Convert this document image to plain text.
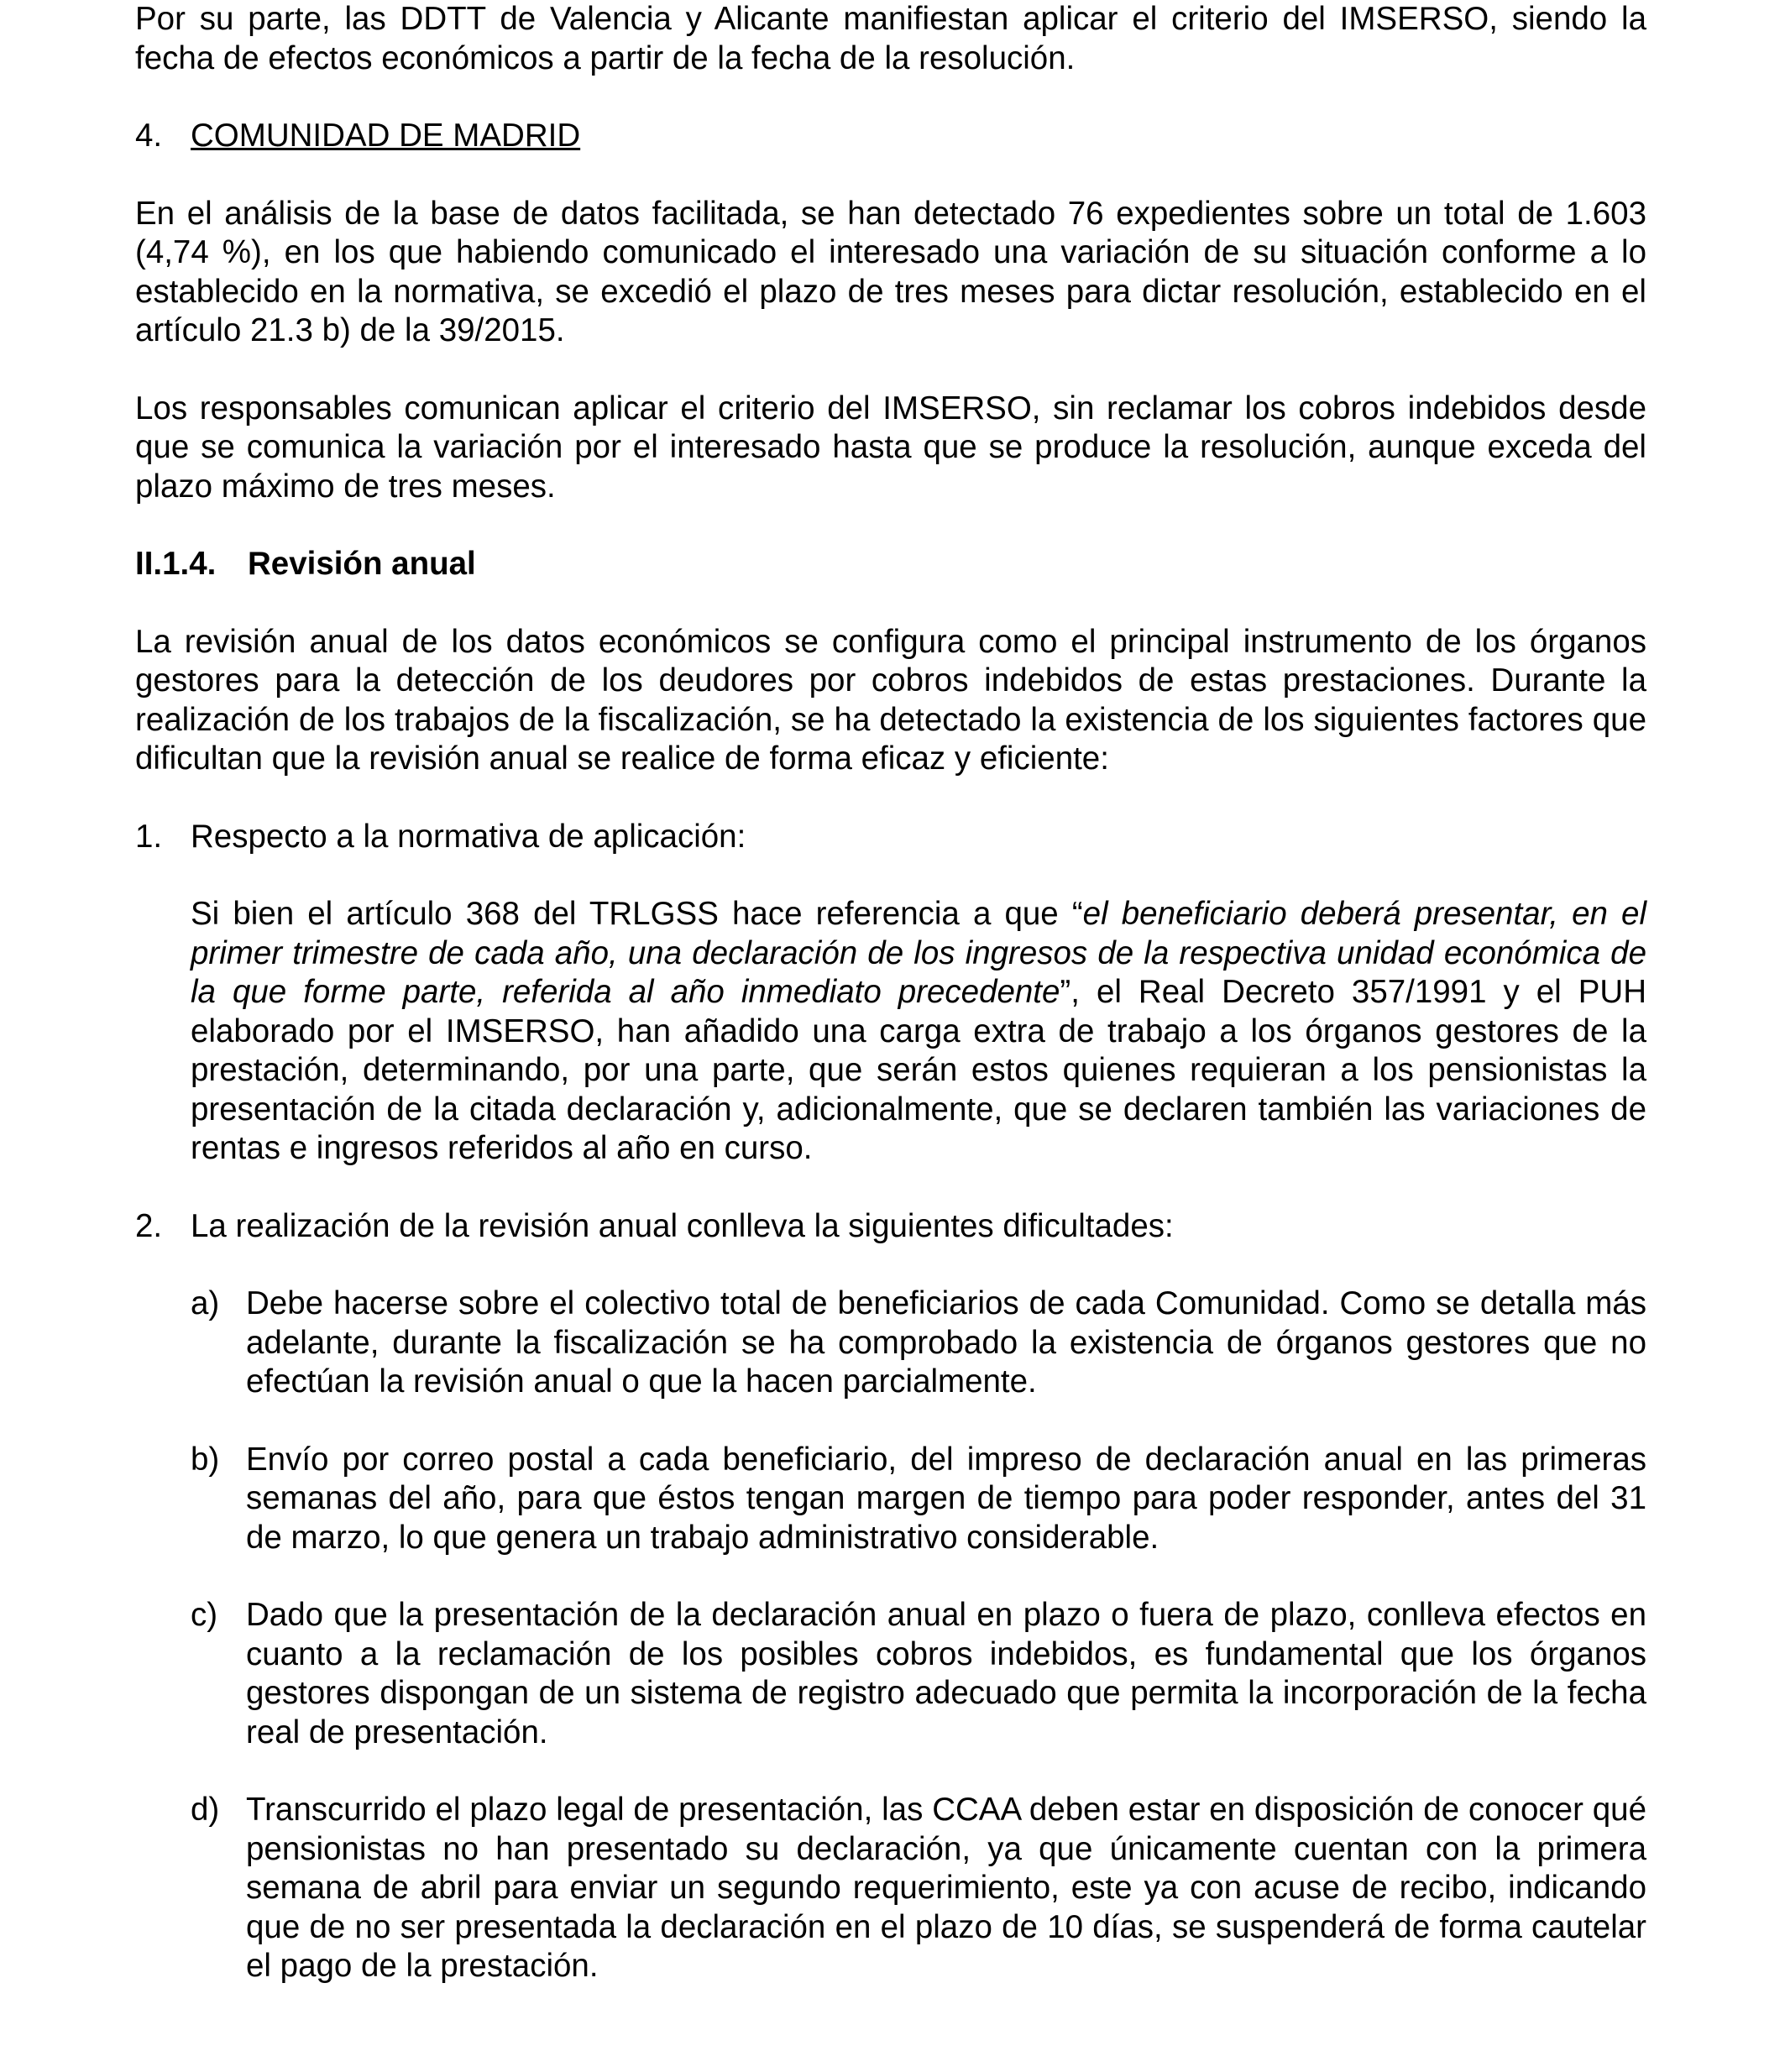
Por su parte, las DDTT de Valencia y Alicante manifiestan aplicar el criterio del IMSERSO, siendo la fecha de efectos económicos a partir de la fecha de la resolución.

4. COMUNIDAD DE MADRID

En el análisis de la base de datos facilitada, se han detectado 76 expedientes sobre un total de 1.603 (4,74 %), en los que habiendo comunicado el interesado una variación de su situación conforme a lo establecido en la normativa, se excedió el plazo de tres meses para dictar resolución, establecido en el artículo 21.3 b) de la 39/2015.

Los responsables comunican aplicar el criterio del IMSERSO, sin reclamar los cobros indebidos desde que se comunica la variación por el interesado hasta que se produce la resolución, aunque exceda del plazo máximo de tres meses.

II.1.4. Revisión anual

La revisión anual de los datos económicos se configura como el principal instrumento de los órganos gestores para la detección de los deudores por cobros indebidos de estas prestaciones. Durante la realización de los trabajos de la fiscalización, se ha detectado la existencia de los siguientes factores que dificultan que la revisión anual se realice de forma eficaz y eficiente:

1. Respecto a la normativa de aplicación:

Si bien el artículo 368 del TRLGSS hace referencia a que “el beneficiario deberá presentar, en el primer trimestre de cada año, una declaración de los ingresos de la respectiva unidad económica de la que forme parte, referida al año inmediato precedente”, el Real Decreto 357/1991 y el PUH elaborado por el IMSERSO, han añadido una carga extra de trabajo a los órganos gestores de la prestación, determinando, por una parte, que serán estos quienes requieran a los pensionistas la presentación de la citada declaración y, adicionalmente, que se declaren también las variaciones de rentas e ingresos referidos al año en curso.

2. La realización de la revisión anual conlleva la siguientes dificultades:

a) Debe hacerse sobre el colectivo total de beneficiarios de cada Comunidad. Como se detalla más adelante, durante la fiscalización se ha comprobado la existencia de órganos gestores que no efectúan la revisión anual o que la hacen parcialmente.

b) Envío por correo postal a cada beneficiario, del impreso de declaración anual en las primeras semanas del año, para que éstos tengan margen de tiempo para poder responder, antes del 31 de marzo, lo que genera un trabajo administrativo considerable.

c) Dado que la presentación de la declaración anual en plazo o fuera de plazo, conlleva efectos en cuanto a la reclamación de los posibles cobros indebidos, es fundamental que los órganos gestores dispongan de un sistema de registro adecuado que permita la incorporación de la fecha real de presentación.

d) Transcurrido el plazo legal de presentación, las CCAA deben estar en disposición de conocer qué pensionistas no han presentado su declaración, ya que únicamente cuentan con la primera semana de abril para enviar un segundo requerimiento, este ya con acuse de recibo, indicando que de no ser presentada la declaración en el plazo de 10 días, se suspenderá de forma cautelar el pago de la prestación.
